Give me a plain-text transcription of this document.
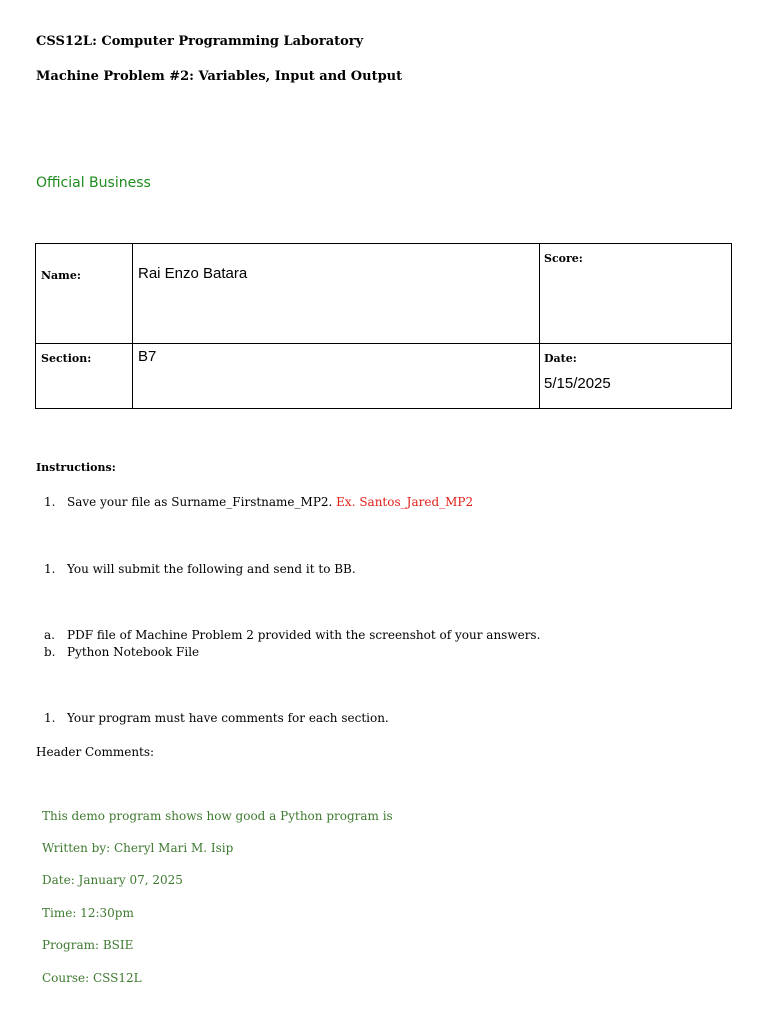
CSS12L: Computer Programming Laboratory
Machine Problem #2: Variables, Input and Output
Official Business
Name:	Rai Enzo Batara	Score:

Section:	B7	Date:
5/15/2025
Instructions:
1. Save your file as Surname_Firstname_MP2. Ex. Santos_Jared_MP2
1. You will submit the following and send it to BB.
a. PDF file of Machine Problem 2 provided with the screenshot of your answers.
b. Python Notebook File
1. Your program must have comments for each section.
Header Comments:
This demo program shows how good a Python program is
Written by: Cheryl Mari M. Isip
Date: January 07, 2025
Time: 12:30pm
Program: BSIE
Course: CSS12L
